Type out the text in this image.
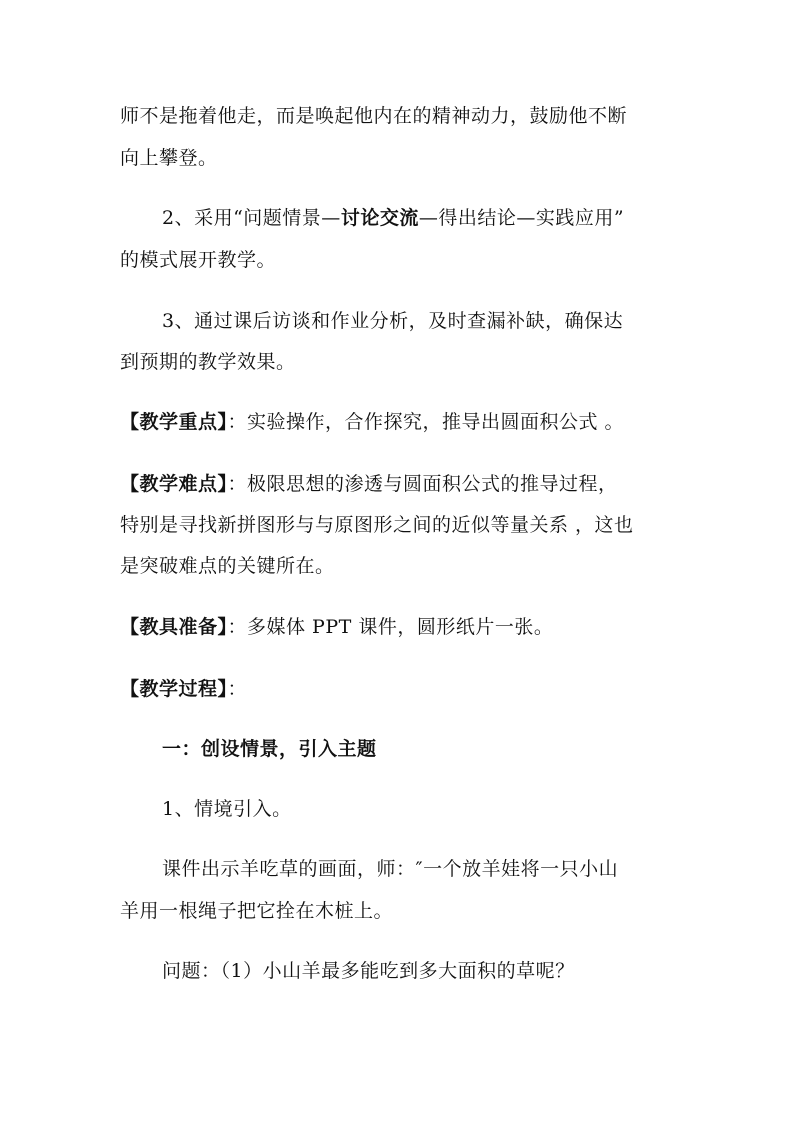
师不是拖着他走，而是唤起他内在的精神动力，鼓励他不断
向上攀登。
2、采用“问题情景—讨论交流—得出结论—实践应用”
的模式展开教学。
3、通过课后访谈和作业分析，及时查漏补缺，确保达
到预期的教学效果。
【教学重点】：实验操作，合作探究，推导出圆面积公式 。
【教学难点】：极限思想的渗透与圆面积公式的推导过程，
特别是寻找新拼图形与与原图形之间的近似等量关系 ，这也
是突破难点的关键所在。
【教具准备】：多媒体 PPT 课件，圆形纸片一张。
【教学过程】：
一：创设情景，引入主题
1、情境引入。
课件出示羊吃草的画面，师：″一个放羊娃将一只小山
羊用一根绳子把它拴在木桩上。
问题：（1）小山羊最多能吃到多大面积的草呢？
